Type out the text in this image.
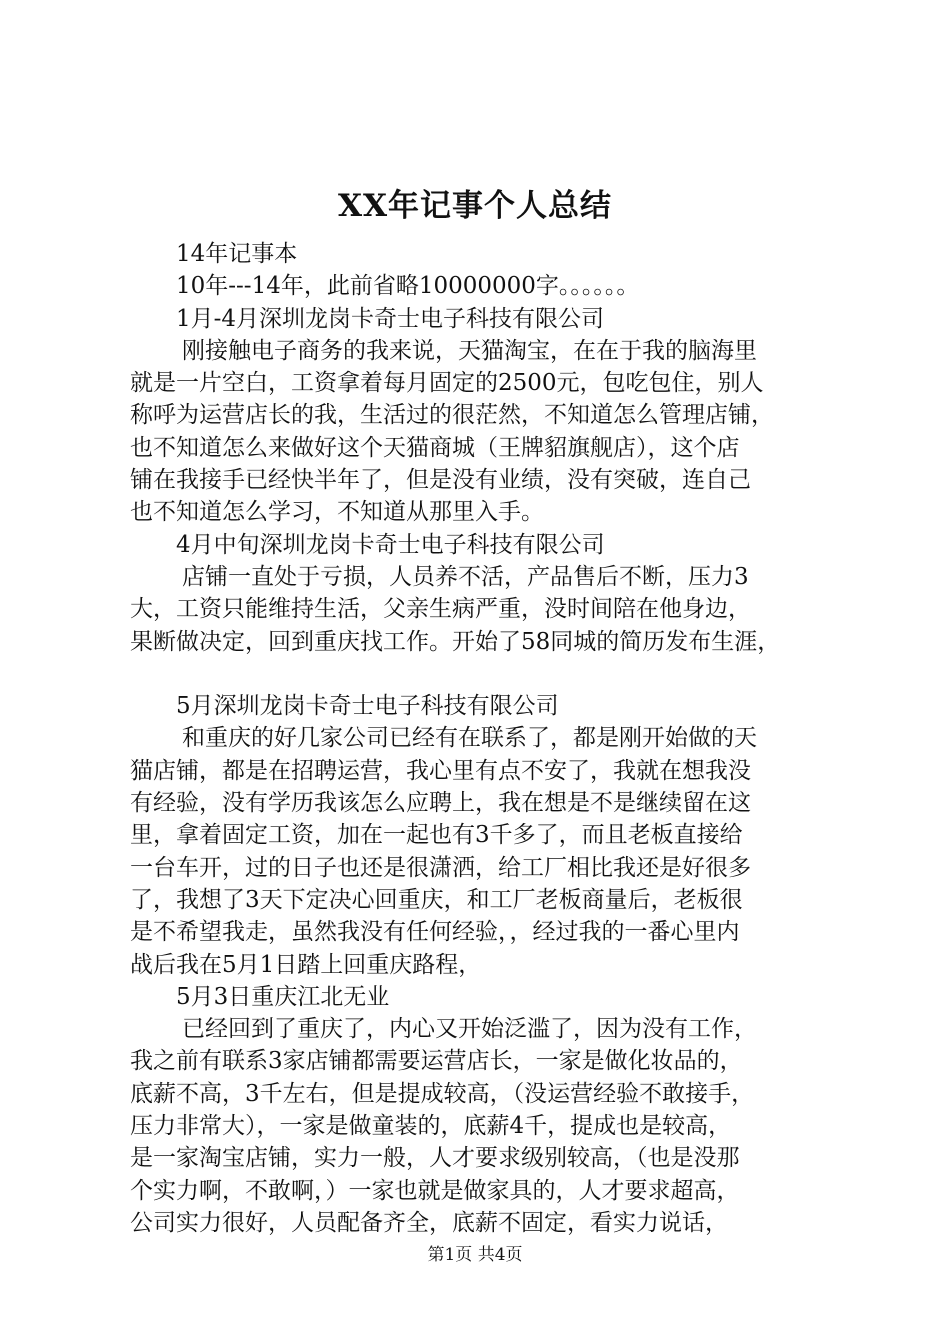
XX年记事个人总结
14年记事本
10年---14年，此前省略10000000字。。。。。。
1月-4月深圳龙岗卡奇士电子科技有限公司
刚接触电子商务的我来说，天猫淘宝，在在于我的脑海里
就是一片空白，工资拿着每月固定的2500元，包吃包住，别人
称呼为运营店长的我，生活过的很茫然，不知道怎么管理店铺，
也不知道怎么来做好这个天猫商城（王牌貂旗舰店），这个店
铺在我接手已经快半年了，但是没有业绩，没有突破，连自己
也不知道怎么学习，不知道从那里入手。
4月中旬深圳龙岗卡奇士电子科技有限公司
店铺一直处于亏损，人员养不活，产品售后不断，压力3
大，工资只能维持生活，父亲生病严重，没时间陪在他身边，
果断做决定，回到重庆找工作。开始了58同城的简历发布生涯，
5月深圳龙岗卡奇士电子科技有限公司
和重庆的好几家公司已经有在联系了，都是刚开始做的天
猫店铺，都是在招聘运营，我心里有点不安了，我就在想我没
有经验，没有学历我该怎么应聘上，我在想是不是继续留在这
里，拿着固定工资，加在一起也有3千多了，而且老板直接给
一台车开，过的日子也还是很潇洒，给工厂相比我还是好很多
了，我想了3天下定决心回重庆，和工厂老板商量后，老板很
是不希望我走，虽然我没有任何经验，，经过我的一番心里内
战后我在5月1日踏上回重庆路程，
5月3日重庆江北无业
已经回到了重庆了，内心又开始泛滥了，因为没有工作，
我之前有联系3家店铺都需要运营店长，一家是做化妆品的，
底薪不高，3千左右，但是提成较高，（没运营经验不敢接手，
压力非常大），一家是做童装的，底薪4千，提成也是较高，
是一家淘宝店铺，实力一般，人才要求级别较高，（也是没那
个实力啊，不敢啊，）一家也就是做家具的，人才要求超高，
公司实力很好，人员配备齐全，底薪不固定，看实力说话，
第1页 共4页
